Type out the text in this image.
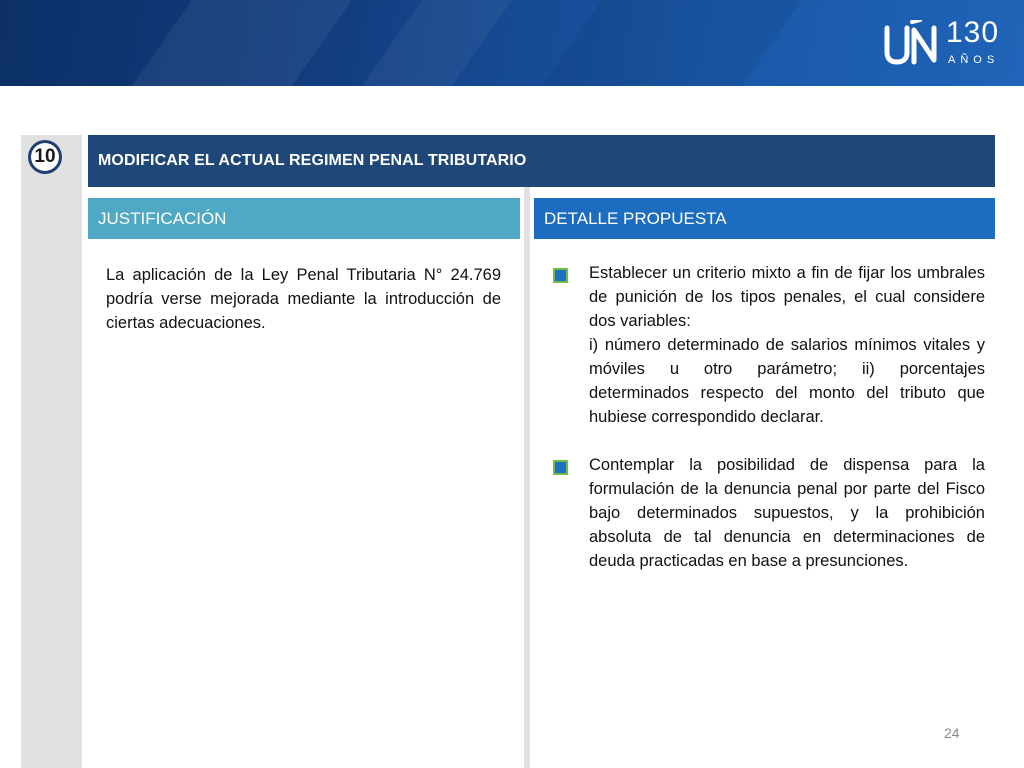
130
AÑOS
10	MODIFICAR EL ACTUAL REGIMEN PENAL TRIBUTARIO
JUSTIFICACIÓN	DETALLE PROPUESTA
La aplicación de la Ley Penal Tributaria N° 24.769 podría verse mejorada mediante la introducción de ciertas adecuaciones.
Establecer un criterio mixto a fin de fijar los umbrales de punición de los tipos penales, el cual considere dos variables:
i) número determinado de salarios mínimos vitales y móviles u otro parámetro; ii) porcentajes determinados respecto del monto del tributo que hubiese correspondido declarar.
Contemplar la posibilidad de dispensa para la formulación de la denuncia penal por parte del Fisco bajo determinados supuestos, y la prohibición absoluta de tal denuncia en determinaciones de deuda practicadas en base a presunciones.
24
